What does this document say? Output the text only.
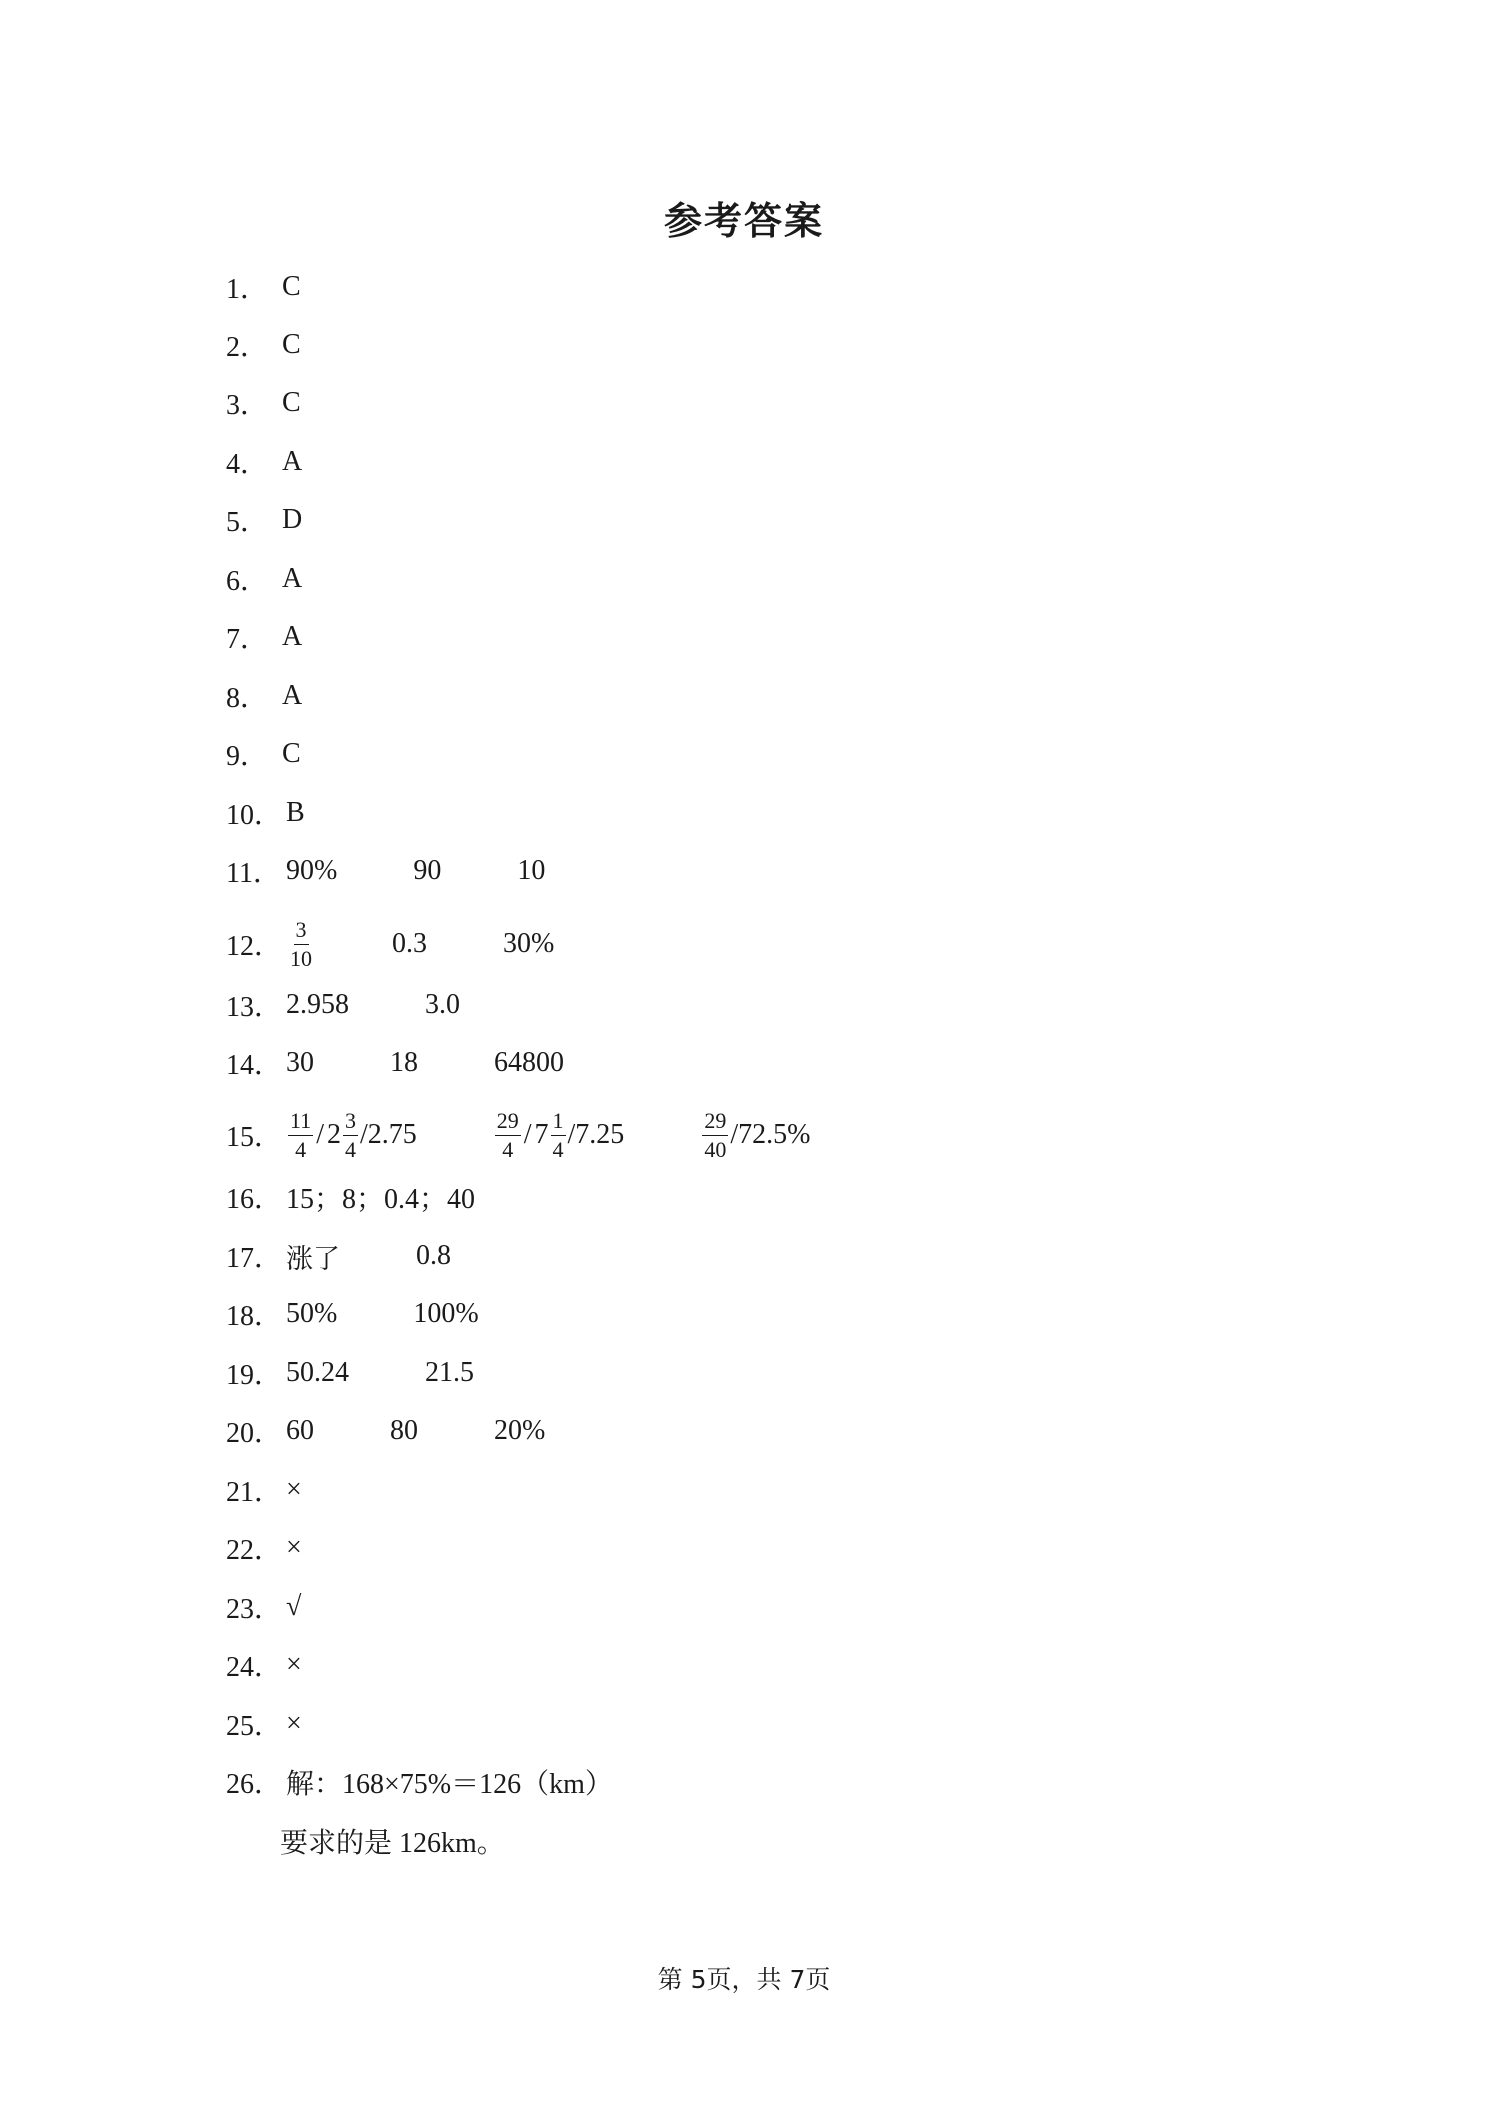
参考答案
1． C
2． C
3． C
4． A
5． D
6． A
7． A
8． A
9． C
10． B
11． 90%	90	10
12． $\frac{3}{10}$	0.3	30%
13． 2.958	3.0
14． 30	18	64800
15． $\frac{11}{4} / 2 \frac{3}{4} /2.75$	$\frac{29}{4} / 7 \frac{1}{4} /7.25$	$\frac{29}{40} /72.5\%$
16． 15；8；0.4；40
17． 涨了	0.8
18． 50%	100%
19． 50.24	21.5
20． 60	80	20%
21． ×
22． ×
23． √
24． ×
25． ×
26． 解：168×75%＝126（km）
要求的是 126km。
第 5页，共 7页
